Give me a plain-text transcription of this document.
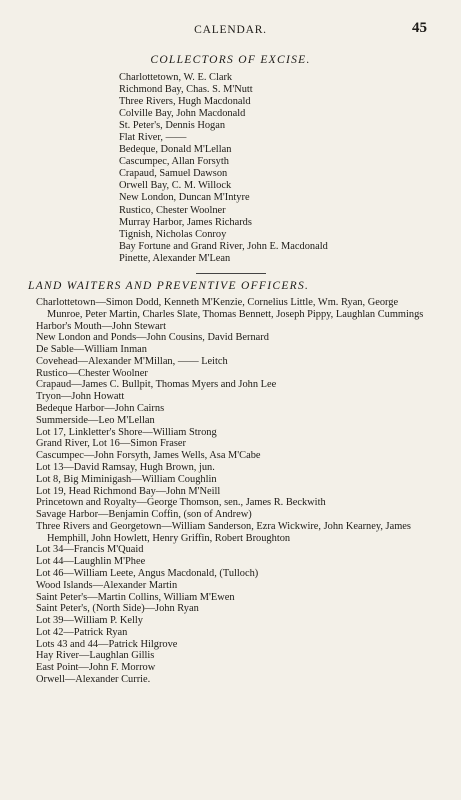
CALENDAR.	45
COLLECTORS OF EXCISE.
Charlottetown, W. E. Clark
Richmond Bay, Chas. S. M'Nutt
Three Rivers, Hugh Macdonald
Colville Bay, John Macdonald
St. Peter's, Dennis Hogan
Flat River, ——
Bedeque, Donald M'Lellan
Cascumpec, Allan Forsyth
Crapaud, Samuel Dawson
Orwell Bay, C. M. Willock
New London, Duncan M'Intyre
Rustico, Chester Woolner
Murray Harbor, James Richards
Tignish, Nicholas Conroy
Bay Fortune and Grand River, John E. Macdonald
Pinette, Alexander M'Lean
LAND WAITERS AND PREVENTIVE OFFICERS.
Charlottetown—Simon Dodd, Kenneth M'Kenzie, Cornelius Little, Wm. Ryan, George Munroe, Peter Martin, Charles Slate, Thomas Bennett, Joseph Pippy, Laughlan Cummings
Harbor's Mouth—John Stewart
New London and Ponds—John Cousins, David Bernard
De Sable—William Inman
Covehead—Alexander M'Millan, —— Leitch
Rustico—Chester Woolner
Crapaud—James C. Bullpit, Thomas Myers and John Lee
Tryon—John Howatt
Bedeque Harbor—John Cairns
Summerside—Leo M'Lellan
Lot 17, Linkletter's Shore—William Strong
Grand River, Lot 16—Simon Fraser
Cascumpec—John Forsyth, James Wells, Asa M'Cabe
Lot 13—David Ramsay, Hugh Brown, jun.
Lot 8, Big Miminigash—William Coughlin
Lot 19, Head Richmond Bay—John M'Neill
Princetown and Royalty—George Thomson, sen., James R. Beckwith
Savage Harbor—Benjamin Coffin, (son of Andrew)
Three Rivers and Georgetown—William Sanderson, Ezra Wickwire, John Kearney, James Hemphill, John Howlett, Henry Griffin, Robert Broughton
Lot 34—Francis M'Quaid
Lot 44—Laughlin M'Phee
Lot 46—William Leete, Angus Macdonald, (Tulloch)
Wood Islands—Alexander Martin
Saint Peter's—Martin Collins, William M'Ewen
Saint Peter's, (North Side)—John Ryan
Lot 39—William P. Kelly
Lot 42—Patrick Ryan
Lots 43 and 44—Patrick Hilgrove
Hay River—Laughlan Gillis
East Point—John F. Morrow
Orwell—Alexander Currie.
